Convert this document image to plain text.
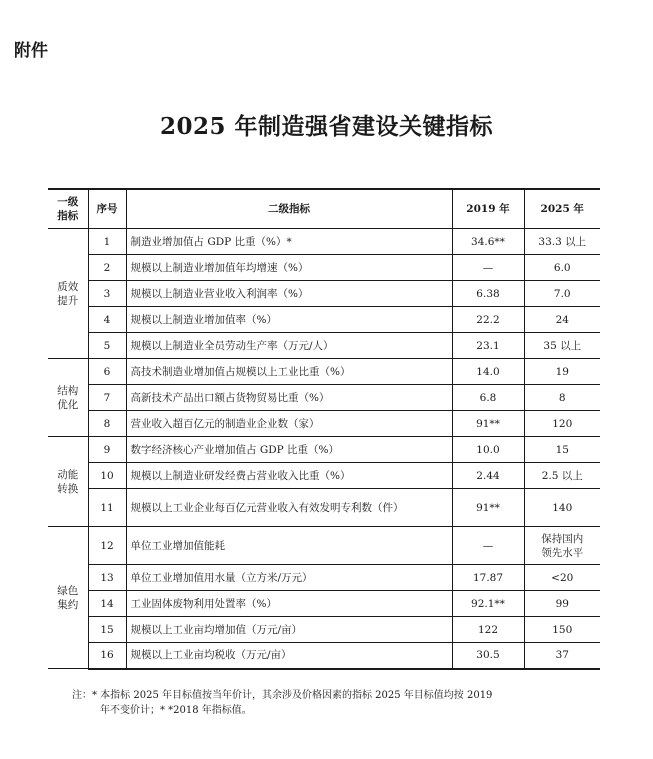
附件
2025 年制造强省建设关键指标
一级
指标	序号	二级指标	2019 年	2025 年
质效
提升	1	制造业增加值占 GDP 比重（%）*	34.6**	33.3 以上
	2	规模以上制造业增加值年均增速（%）	—	6.0
	3	规模以上制造业营业收入利润率（%）	6.38	7.0
	4	规模以上制造业增加值率（%）	22.2	24
	5	规模以上制造业全员劳动生产率（万元/人）	23.1	35 以上
结构
优化	6	高技术制造业增加值占规模以上工业比重（%）	14.0	19
	7	高新技术产品出口额占货物贸易比重（%）	6.8	8
	8	营业收入超百亿元的制造业企业数（家）	91**	120
动能
转换	9	数字经济核心产业增加值占 GDP 比重（%）	10.0	15
	10	规模以上制造业研发经费占营业收入比重（%）	2.44	2.5 以上
	11	规模以上工业企业每百亿元营业收入有效发明专利数（件）	91**	140
绿色
集约	12	单位工业增加值能耗	—	保持国内
领先水平
	13	单位工业增加值用水量（立方米/万元）	17.87	<20
	14	工业固体废物利用处置率（%）	92.1**	99
	15	规模以上工业亩均增加值（万元/亩）	122	150
	16	规模以上工业亩均税收（万元/亩）	30.5	37
注：* 本指标 2025 年目标值按当年价计，其余涉及价格因素的指标 2025 年目标值均按 2019
年不变价计；* *2018 年指标值。
